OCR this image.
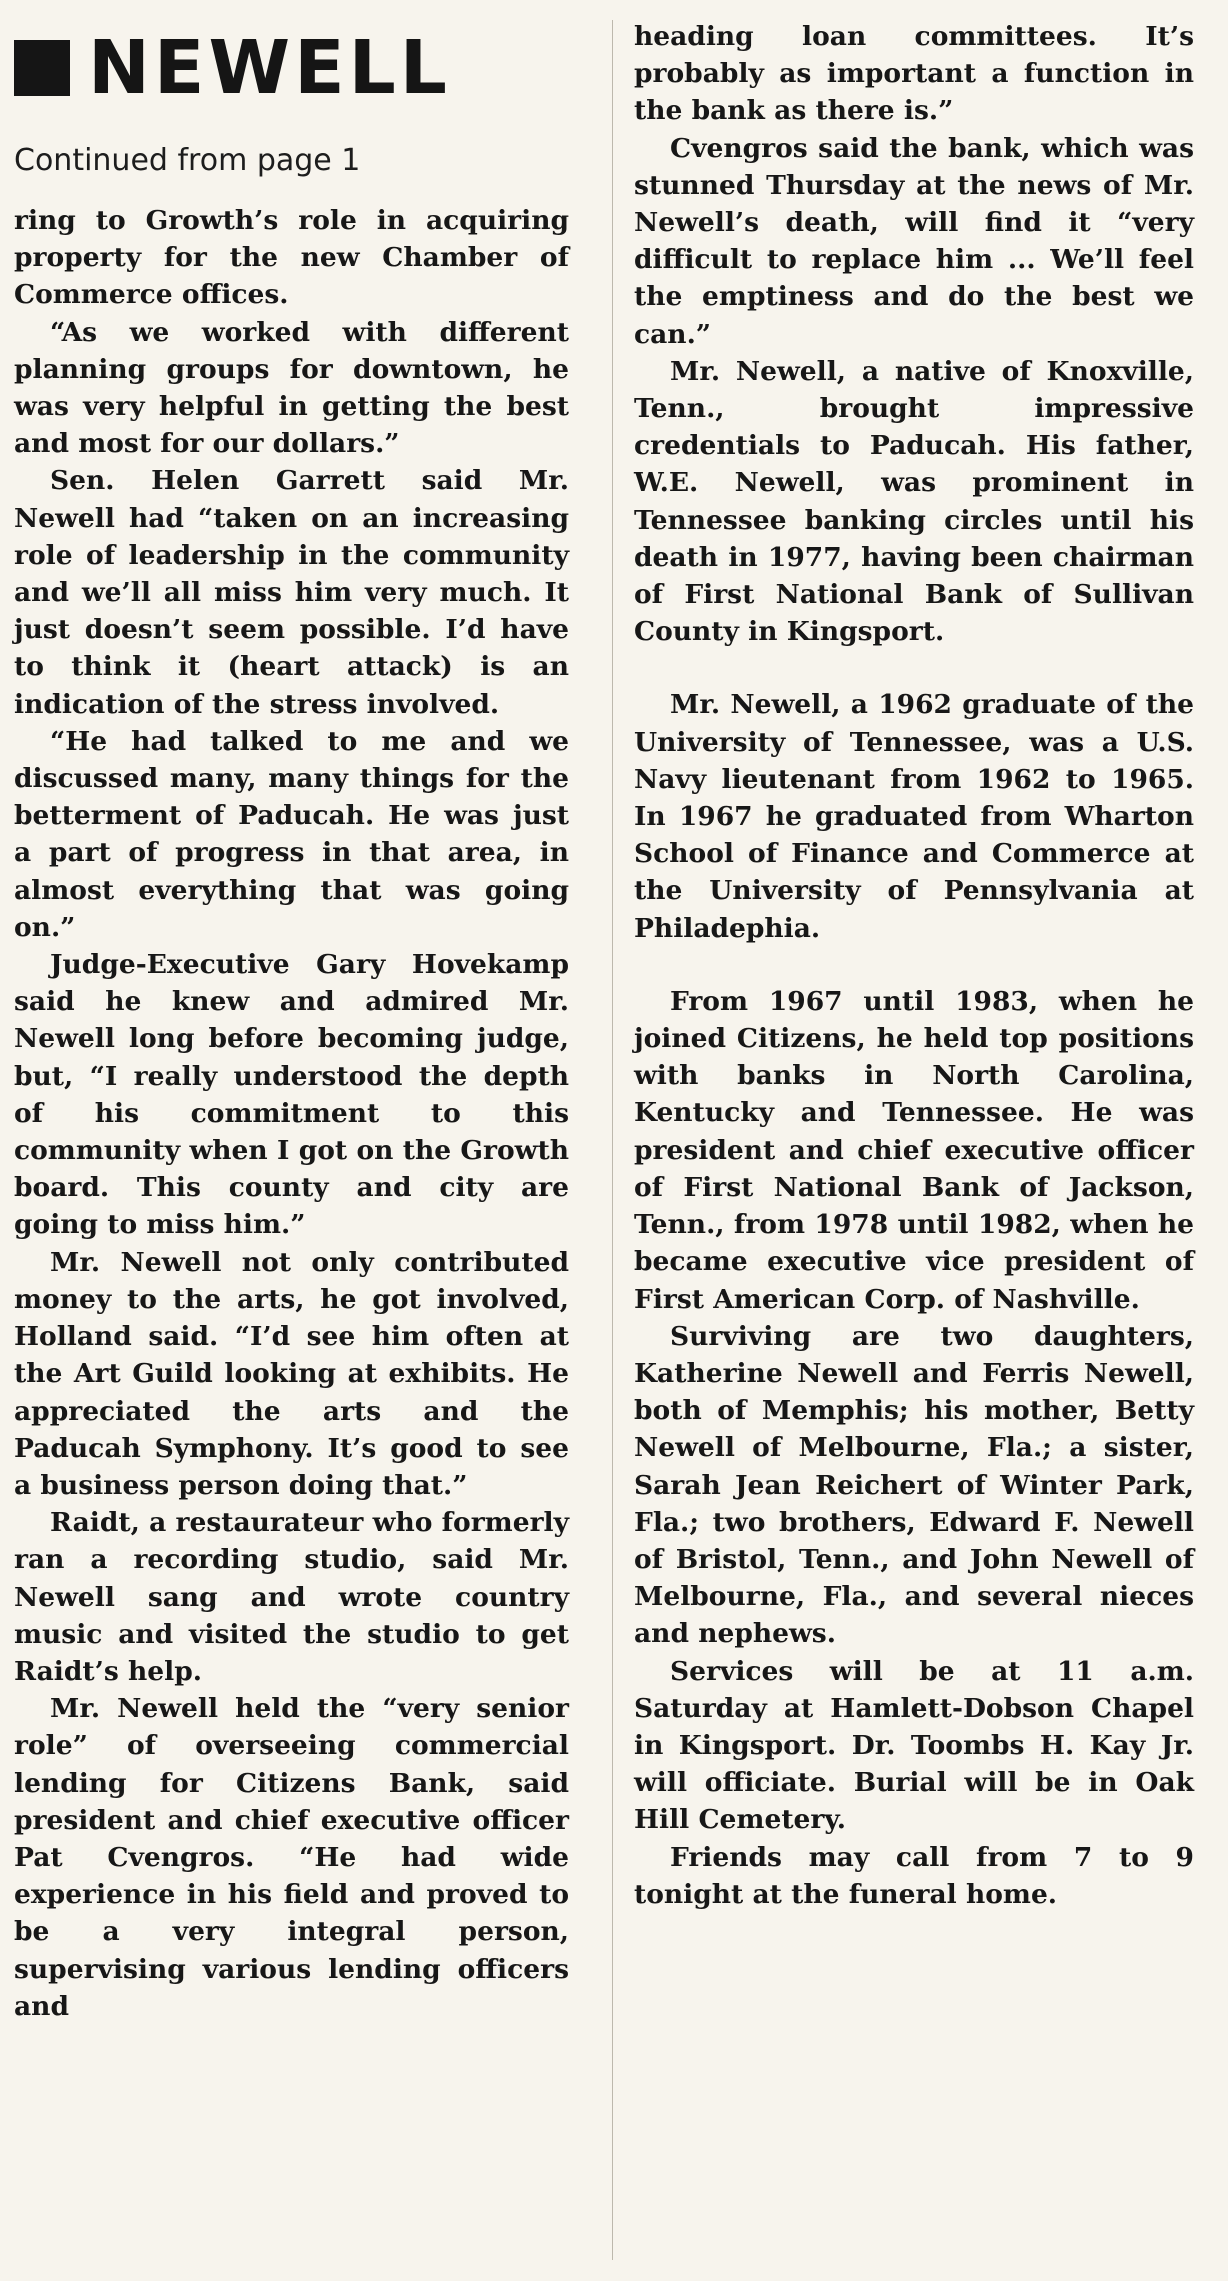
NEWELL
Continued from page 1

ring to Growth’s role in acquiring property for the new Chamber of Commerce offices.

“As we worked with different planning groups for downtown, he was very helpful in getting the best and most for our dollars.”

Sen. Helen Garrett said Mr. Newell had “taken on an increasing role of leadership in the community and we’ll all miss him very much. It just doesn’t seem possible. I’d have to think it (heart attack) is an indication of the stress involved.

“He had talked to me and we discussed many, many things for the betterment of Paducah. He was just a part of progress in that area, in almost everything that was going on.”

Judge-Executive Gary Hovekamp said he knew and admired Mr. Newell long before becoming judge, but, “I really understood the depth of his commitment to this community when I got on the Growth board. This county and city are going to miss him.”

Mr. Newell not only contributed money to the arts, he got involved, Holland said. “I’d see him often at the Art Guild looking at exhibits. He appreciated the arts and the Paducah Symphony. It’s good to see a business person doing that.”

Raidt, a restaurateur who formerly ran a recording studio, said Mr. Newell sang and wrote country music and visited the studio to get Raidt’s help.

Mr. Newell held the “very senior role” of overseeing commercial lending for Citizens Bank, said president and chief executive officer Pat Cvengros. “He had wide experience in his field and proved to be a very integral person, supervising various lending officers and

heading loan committees. It’s probably as important a function in the bank as there is.”

Cvengros said the bank, which was stunned Thursday at the news of Mr. Newell’s death, will find it “very difficult to replace him ... We’ll feel the emptiness and do the best we can.”

Mr. Newell, a native of Knoxville, Tenn., brought impressive credentials to Paducah. His father, W.E. Newell, was prominent in Tennessee banking circles until his death in 1977, having been chairman of First National Bank of Sullivan County in Kingsport.

Mr. Newell, a 1962 graduate of the University of Tennessee, was a U.S. Navy lieutenant from 1962 to 1965. In 1967 he graduated from Wharton School of Finance and Commerce at the University of Pennsylvania at Philadephia.

From 1967 until 1983, when he joined Citizens, he held top positions with banks in North Carolina, Kentucky and Tennessee. He was president and chief executive officer of First National Bank of Jackson, Tenn., from 1978 until 1982, when he became executive vice president of First American Corp. of Nashville.

Surviving are two daughters, Katherine Newell and Ferris Newell, both of Memphis; his mother, Betty Newell of Melbourne, Fla.; a sister, Sarah Jean Reichert of Winter Park, Fla.; two brothers, Edward F. Newell of Bristol, Tenn., and John Newell of Melbourne, Fla., and several nieces and nephews.

Services will be at 11 a.m. Saturday at Hamlett-Dobson Chapel in Kingsport. Dr. Toombs H. Kay Jr. will officiate. Burial will be in Oak Hill Cemetery.

Friends may call from 7 to 9 tonight at the funeral home.
